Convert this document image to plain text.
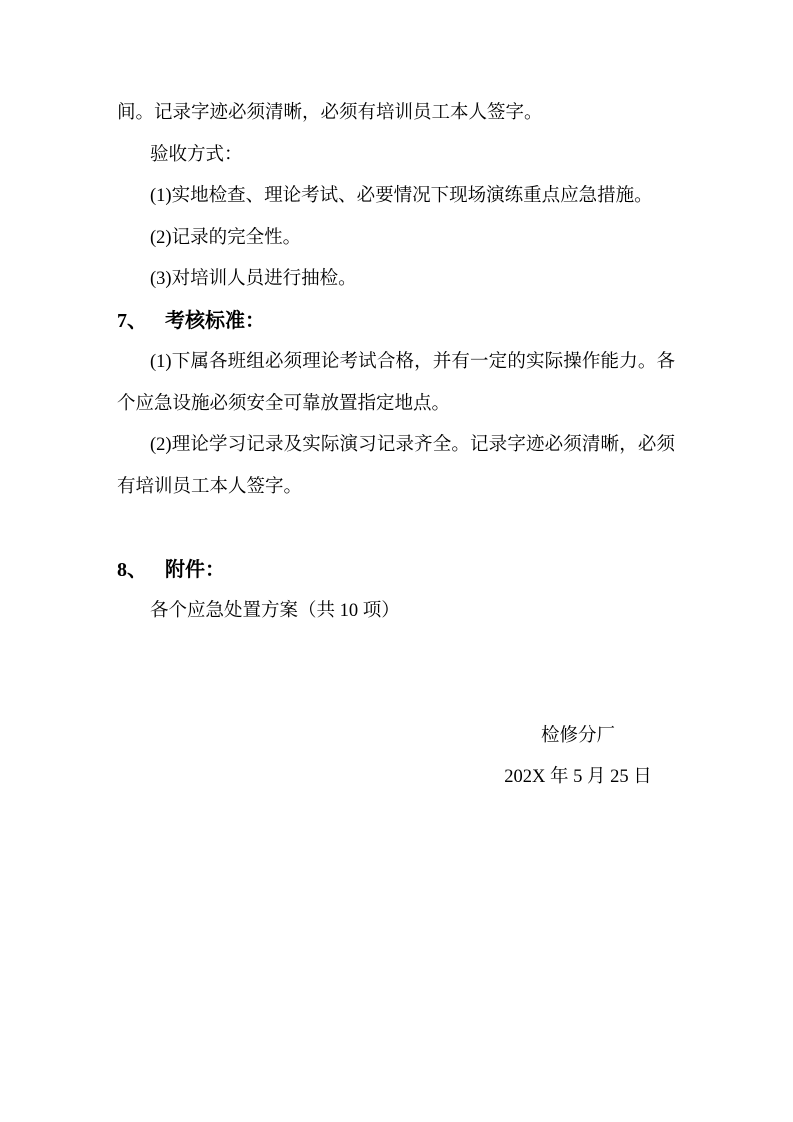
间。记录字迹必须清晰，必须有培训员工本人签字。

验收方式：

(1)实地检查、理论考试、必要情况下现场演练重点应急措施。

(2)记录的完全性。

(3)对培训人员进行抽检。

7、 考核标准：

(1)下属各班组必须理论考试合格，并有一定的实际操作能力。各个应急设施必须安全可靠放置指定地点。

(2)理论学习记录及实际演习记录齐全。记录字迹必须清晰，必须有培训员工本人签字。

8、 附件：

各个应急处置方案（共 10 项）

检修分厂

202X 年 5 月 25 日
